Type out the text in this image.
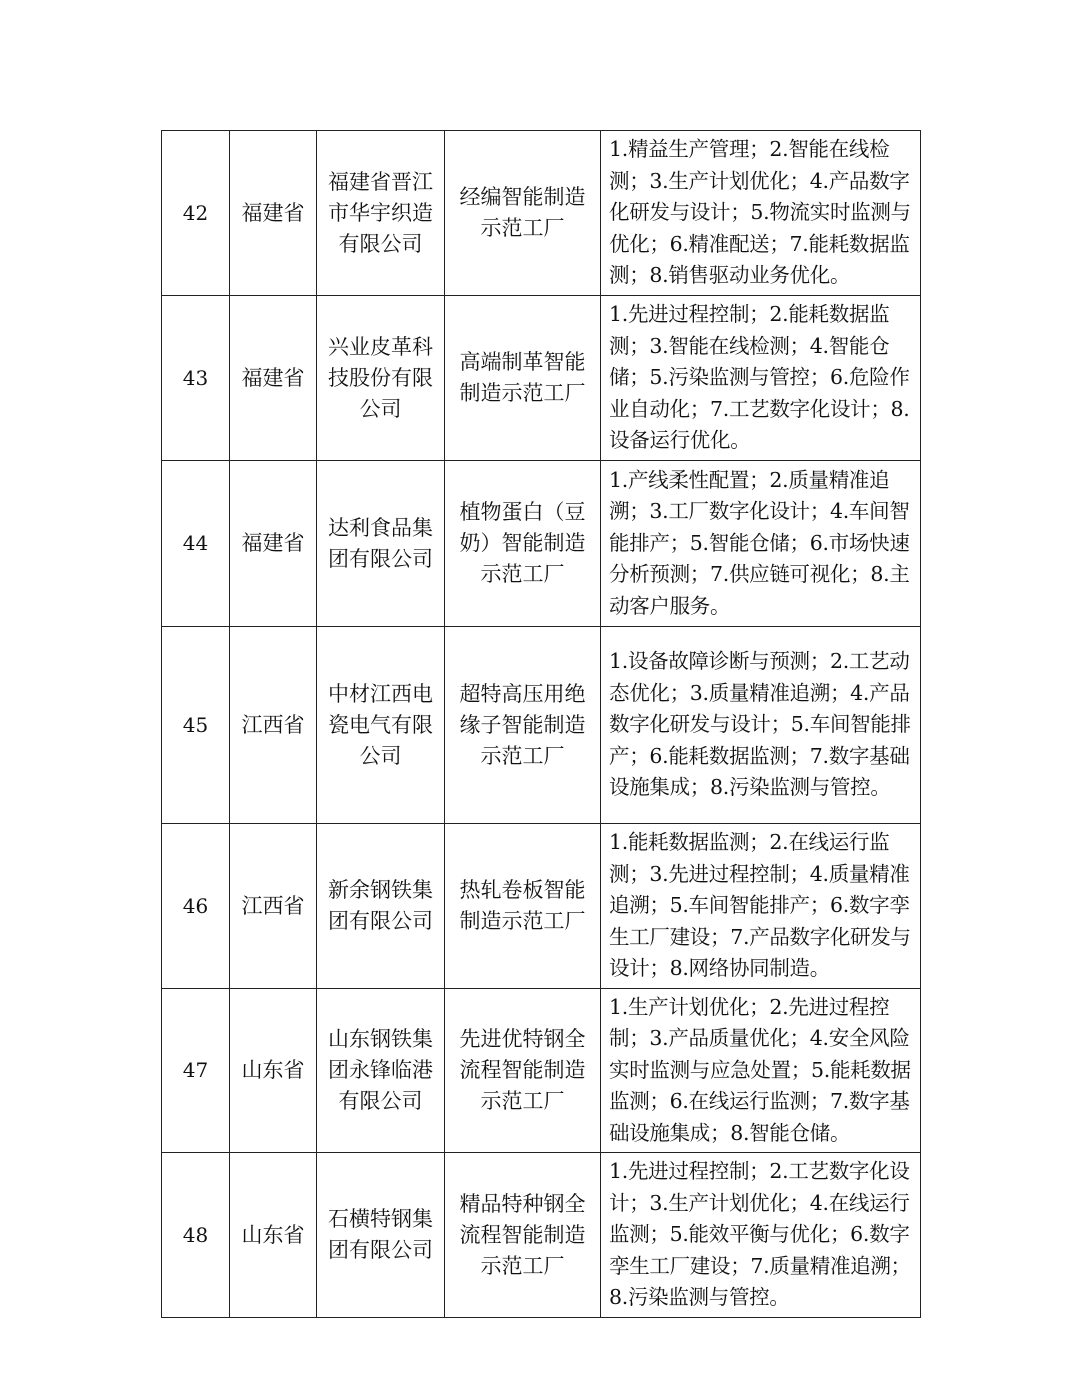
42	福建省	福建省晋江市华宇织造有限公司	经编智能制造示范工厂	1.精益生产管理；2.智能在线检测；3.生产计划优化；4.产品数字化研发与设计；5.物流实时监测与优化；6.精准配送；7.能耗数据监测；8.销售驱动业务优化。

43	福建省	兴业皮革科技股份有限公司	高端制革智能制造示范工厂	1.先进过程控制；2.能耗数据监测；3.智能在线检测；4.智能仓储；5.污染监测与管控；6.危险作业自动化；7.工艺数字化设计；8.设备运行优化。

44	福建省	达利食品集团有限公司	植物蛋白（豆奶）智能制造示范工厂	1.产线柔性配置；2.质量精准追溯；3.工厂数字化设计；4.车间智能排产；5.智能仓储；6.市场快速分析预测；7.供应链可视化；8.主动客户服务。

45	江西省	中材江西电瓷电气有限公司	超特高压用绝缘子智能制造示范工厂	1.设备故障诊断与预测；2.工艺动态优化；3.质量精准追溯；4.产品数字化研发与设计；5.车间智能排产；6.能耗数据监测；7.数字基础设施集成；8.污染监测与管控。

46	江西省	新余钢铁集团有限公司	热轧卷板智能制造示范工厂	1.能耗数据监测；2.在线运行监测；3.先进过程控制；4.质量精准追溯；5.车间智能排产；6.数字孪生工厂建设；7.产品数字化研发与设计；8.网络协同制造。

47	山东省	山东钢铁集团永锋临港有限公司	先进优特钢全流程智能制造示范工厂	1.生产计划优化；2.先进过程控制；3.产品质量优化；4.安全风险实时监测与应急处置；5.能耗数据监测；6.在线运行监测；7.数字基础设施集成；8.智能仓储。

48	山东省	石横特钢集团有限公司	精品特种钢全流程智能制造示范工厂	1.先进过程控制；2.工艺数字化设计；3.生产计划优化；4.在线运行监测；5.能效平衡与优化；6.数字孪生工厂建设；7.质量精准追溯；8.污染监测与管控。
